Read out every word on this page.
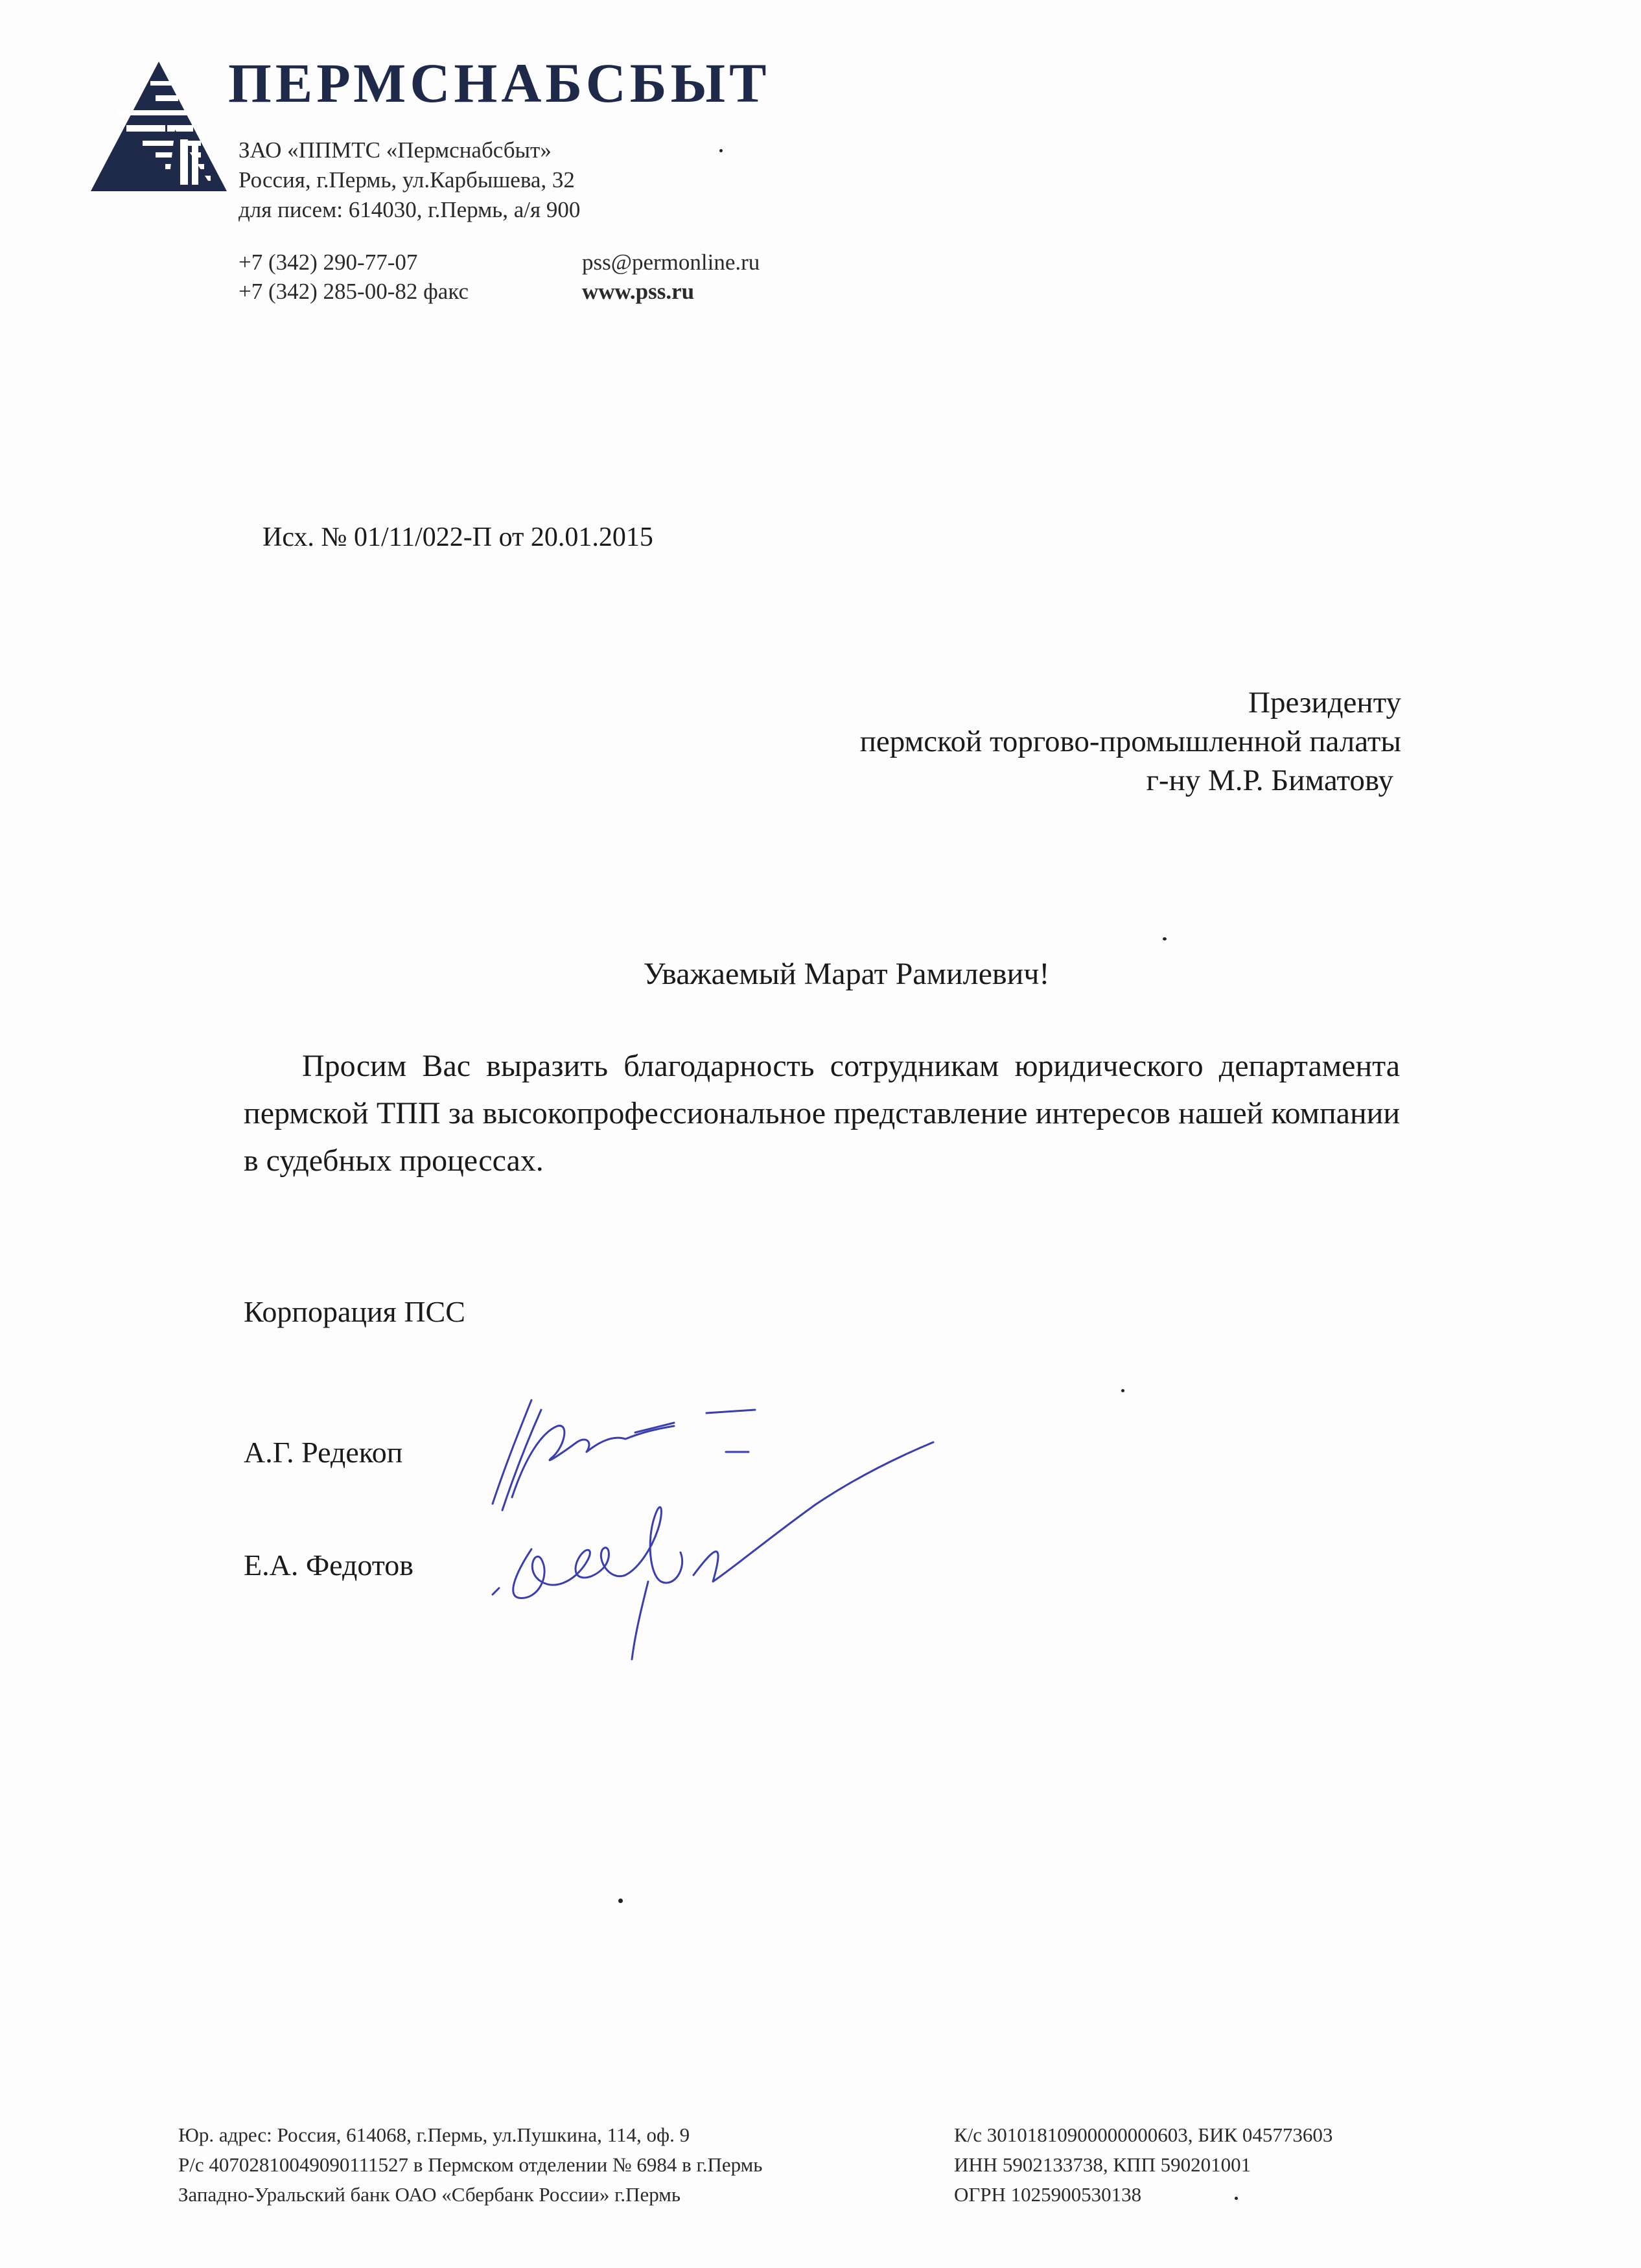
ПЕРМСНАБСБЫТ
ЗАО «ППМТС «Пермснабсбыт»
Россия, г.Пермь, ул.Карбышева, 32
для писем: 614030, г.Пермь, а/я 900
+7 (342) 290-77-07
+7 (342) 285-00-82 факс
pss@permonline.ru
www.pss.ru
Исх. № 01/11/022-П от 20.01.2015
Президенту
пермской торгово-промышленной палаты
г-ну М.Р. Биматову
Уважаемый Марат Рамилевич!
Просим Вас выразить благодарность сотрудникам юридического департамента пермской ТПП за высокопрофессиональное представление интересов нашей компании в судебных процессах.
Корпорация ПСС
А.Г. Редекоп
Е.А. Федотов
Юр. адрес: Россия, 614068, г.Пермь, ул.Пушкина, 114, оф. 9
Р/с 40702810049090111527 в Пермском отделении № 6984 в г.Пермь
Западно-Уральский банк ОАО «Сбербанк России» г.Пермь
К/с 30101810900000000603, БИК 045773603
ИНН 5902133738, КПП 590201001
ОГРН 1025900530138
